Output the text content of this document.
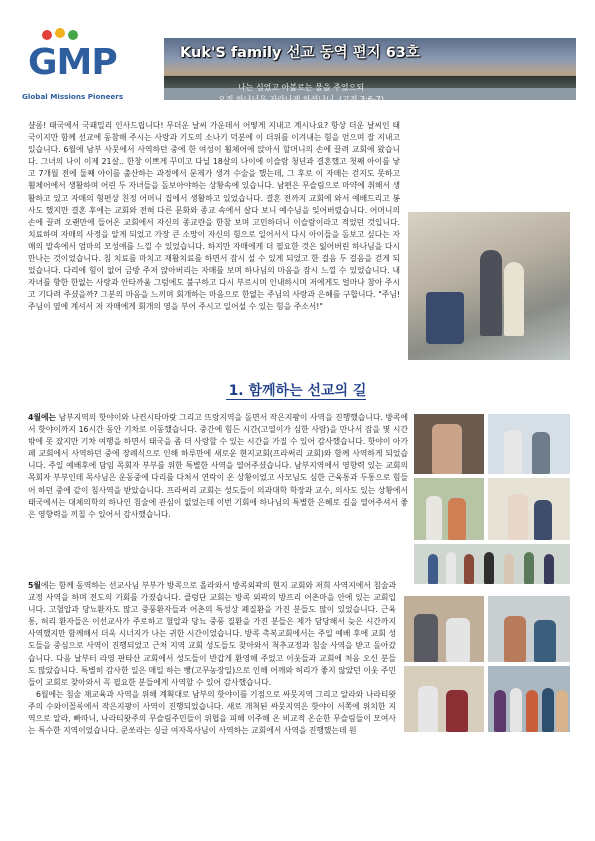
GMP
Global Missions Pioneers
Kuk'S family 선교 동역 편지 63호
나는 심었고 아볼로는 물을 주었으되
오직 하나님은 자라나게 하셨나니..(고전 3:6-7)
샬롬! 태국에서 국패밀리 인사드립니다! 무더운 날씨 가운데서 어떻게 지내고 계시나요? 항상 더운 날씨인 태국이지만 함께 선교에 동참해 주시는 사랑과 기도의 소나기 덕분에 이 더위를 이겨내는 힘을 얻으며 잘 지내고 있습니다. 6월에 남부 사뭇에서 사역하던 중에 한 여성이 휠체어에 앉아서 할머니의 손에 끌려 교회에 왔습니다. 그녀의 나이 이제 21살.. 한창 이쁘게 꾸미고 다닐 18살의 나이에 이슬람 청년과 결혼했고 첫째 아이를 낳고 7개월 전에 둘째 아이를 출산하는 과정에서 문제가 생겨 수술을 했는데, 그 후로 이 자매는 걷지도 못하고 휠체어에서 생활하며 어린 두 자녀들을 돌보아야하는 상황속에 있습니다. 남편은 무슬림으로 마약에 취해서 생활하고 있고 자매의 형편상 친정 어머니 집에서 생활하고 있었습니다. 결혼 전까지 교회에 와서 예배드리고 봉사도 했지만 결혼 후에는 교회와 전혀 다른 문화와 종교 속에서 살다 보니 예수님을 잊어버렸습니다. 어머니의 손에 끌려 오랜만에 들어온 교회에서 자신의 종교란을 한참 보며 고민하더니 이슬람이라고 적었던 것입니다. 치료하며 자매의 사정을 알게 되었고 가장 큰 소망이 자신의 힘으로 일어서서 다시 아이들을 돌보고 싶다는 자매의 말속에서 엄마의 모성애를 느낄 수 있었습니다. 하지만 자매에게 더 필요한 것은 잃어버린 하나님을 다시 만나는 것이었습니다. 침 치료를 마치고 재활치료를 하면서 잠시 설 수 있게 되었고 한 걸음 두 걸음을 걷게 되었습니다. 다리에 힘이 없어 금방 주저 앉아버리는 자매를 보며 하나님의 마음을 잠시 느낄 수 있었습니다. 내 자녀를 향한 한없는 사랑과 안타까움 그럼에도 불구하고 다시 부르시며 인내하시며 저에게도 얼마나 참아 주시고 기다려 주셨을까? 그분의 마음을 느끼며 회개하는 마음으로 한없는 주님의 사랑과 은혜를 구합니다. "주님! 주님이 옆에 계셔서 저 자매에게 회개의 영을 부어 주시고 일어설 수 있는 힘을 주소서!"
1. 함께하는 선교의 길
4월에는 남부지역의 핫야이와 나컨시타마랏 그리고 뜨랑지역을 돌면서 작은지팡이 사역을 진행했습니다. 방콕에서 핫야이까지 16시간 동안 기차로 이동했습니다. 중간에 힘든 시간(고열이가 심한 사람)을 만나서 잠을 몇 시간밖에 못 잤지만 기차 여행을 하면서 태국을 좀 더 사랑할 수 있는 시간을 가질 수 있어 감사했습니다. 핫야이 아가페 교회에서 사역하던 중에 장례식으로 인해 하루만에 새로운 현지교회(프라써리 교회)와 함께 사역하게 되었습니다. 주일 예배후에 담임 목회자 부부를 위한 특별한 사역을 열어주셨습니다. 남부지역에서 영향력 있는 교회의 목회자 부부인데 목사님은 운동중에 다리를 다쳐서 연락이 온 상황이었고 사모님도 심한 근육통과 두통으로 힘들어 하던 중에 같이 침사역을 받았습니다. 프라써리 교회는 성도들이 의과대학 학장과 교수, 의사도 있는 상황에서 태국에서는 대체의학의 하나인 침술에 관심이 없었는데 이번 기회에 하나님의 특별한 은혜로 길을 열어주셔서 좋은 영향력을 끼칠 수 있어서 감사했습니다.
5월에는 함께 동역하는 선교사님 부부가 방콕으로 올라와서 방콕외곽의 현지 교회와 저희 사역지에서 침술과 교정 사역을 하며 전도의 기회를 가졌습니다. 클렁단 교회는 방콕 외곽의 방프리 어촌마을 안에 있는 교회입니다. 고혈압과 당뇨환자도 많고 중풍환자들과 어촌의 특성상 폐질환을 가진 분들도 많이 있었습니다. 근육통, 허리 환자들은 이선교사가 주로하고 혈압과 당뇨 중풍 질환을 가진 분들은 제가 담당해서 늦은 시간까지 사역했지만 함께해서 더욱 시너지가 나는 귀한 시간이었습니다. 방콕 촉복교회에서는 주일 예배 후에 교회 성도들을 중심으로 사역이 진행되었고 근처 지역 교회 성도들도 찾아와서 척추교정과 침술 사역을 받고 돌아갔습니다. 다음 날부터 라영 판타산 교회에서 성도들이 반갑게 환영해 주었고 이웃들과 교회에 처음 오신 분들도 많았습니다. 특별히 감사한 일은 매일 하는 빵(고무농장일)으로 인해 어깨와 허리가 좋지 않았던 이웃 주민들이 교회로 찾아와서 꼭 필요한 분들에게 사역할 수 있어 감사했습니다.
6월에는 침술 재교육과 사역을 위해 계획대로 남부의 핫야이를 기점으로 싸뭇지역 그리고 알라와 나라티왓 주의 수와이꼴록에서 작은지팡이 사역이 진행되었습니다. 새로 개척된 싸뭇지역은 핫야이 서쪽에 위치한 지역으로 알라, 빠따니, 나라티왓주의 무슬림주민들이 위협을 피해 이주해 온 비교적 온순한 무슬림들이 모여사는 특수한 지역이었습니다. 쿤쏘라는 싱글 여자목사님이 사역하는 교회에서 사역을 진행했는데 원
